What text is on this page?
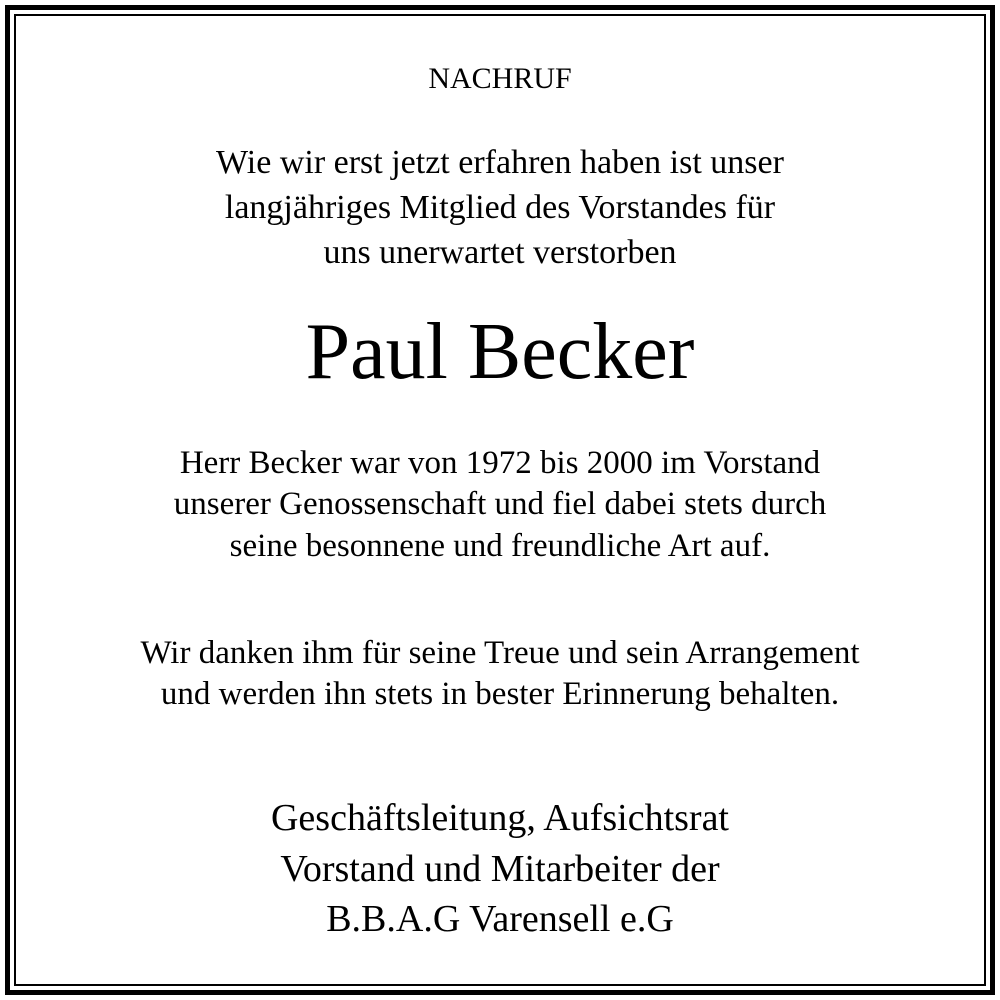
NACHRUF
Wie wir erst jetzt erfahren haben ist unser
langjähriges Mitglied des Vorstandes für
uns unerwartet verstorben
Paul Becker
Herr Becker war von 1972 bis 2000 im Vorstand
unserer Genossenschaft und fiel dabei stets durch
seine besonnene und freundliche Art auf.
Wir danken ihm für seine Treue und sein Arrangement
und werden ihn stets in bester Erinnerung behalten.
Geschäftsleitung, Aufsichtsrat
Vorstand und Mitarbeiter der
B.B.A.G Varensell e.G
